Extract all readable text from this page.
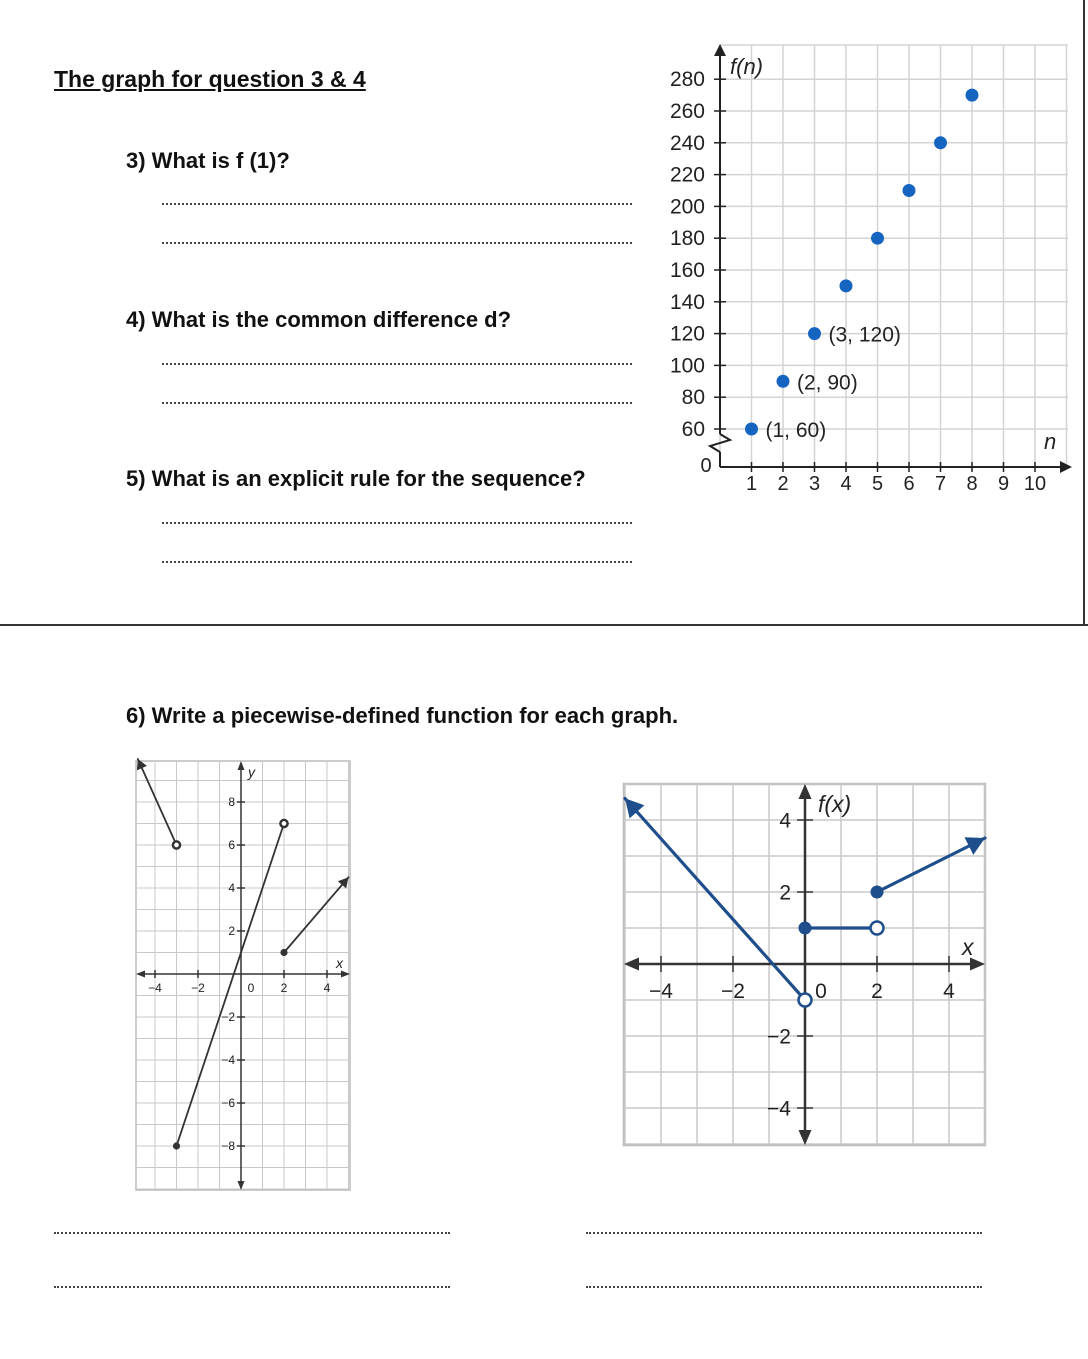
The graph for question 3 & 4

3) What is f (1)?

4) What is the common difference d?

5) What is an explicit rule for the sequence?

6) Write a piecewise-defined function for each graph.

0
1 2 3 4 5 6 7 8 9 10
60
80
100
120
140
160
180
200
220
240
260
280
f(n)
n
(1, 60)
(2, 90)
(3, 120)
−4 −2	0 2	4
8
6
4
2
−2
−4
−6
−8
x
y
−4 −2	0 2	4
4
2
−2
−4
x
f(x)
